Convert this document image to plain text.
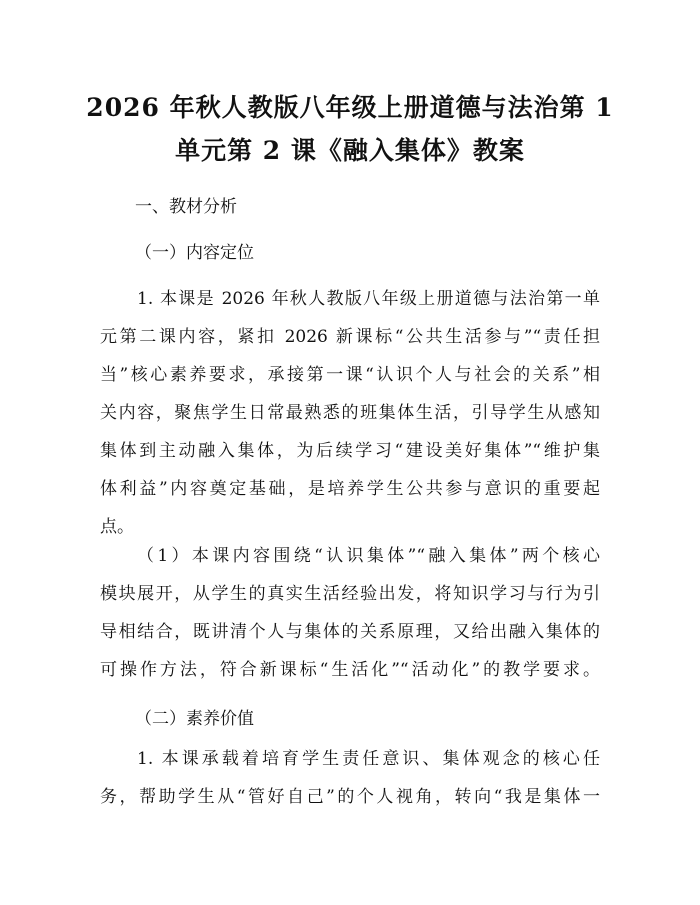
2026 年秋人教版八年级上册道德与法治第 1
单元第 2 课《融入集体》教案
一、教材分析
（一）内容定位
1. 本课是 2026 年秋人教版八年级上册道德与法治第一单
元第二课内容，紧扣 2026 新课标“公共生活参与”“责任担
当”核心素养要求，承接第一课“认识个人与社会的关系”相
关内容，聚焦学生日常最熟悉的班集体生活，引导学生从感知
集体到主动融入集体，为后续学习“建设美好集体”“维护集
体利益”内容奠定基础，是培养学生公共参与意识的重要起
点。
（1）本课内容围绕“认识集体”“融入集体”两个核心
模块展开，从学生的真实生活经验出发，将知识学习与行为引
导相结合，既讲清个人与集体的关系原理，又给出融入集体的
可操作方法，符合新课标“生活化”“活动化”的教学要求。
（二）素养价值
1. 本课承载着培育学生责任意识、集体观念的核心任
务，帮助学生从“管好自己”的个人视角，转向“我是集体一
